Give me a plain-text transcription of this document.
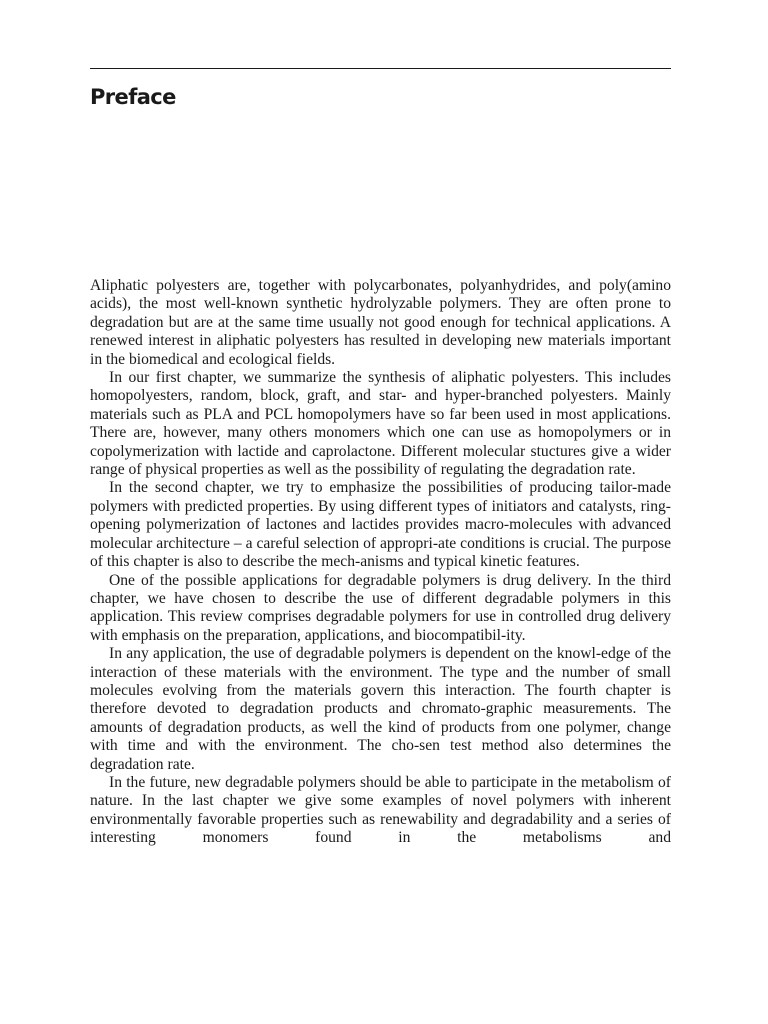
Preface

Aliphatic polyesters are, together with polycarbonates, polyanhydrides, and poly(amino acids), the most well-known synthetic hydrolyzable polymers. They are often prone to degradation but are at the same time usually not good enough for technical applications. A renewed interest in aliphatic polyesters has resulted in developing new materials important in the biomedical and ecological fields.

In our first chapter, we summarize the synthesis of aliphatic polyesters. This includes homopolyesters, random, block, graft, and star- and hyper-branched polyesters. Mainly materials such as PLA and PCL homopolymers have so far been used in most applications. There are, however, many others monomers which one can use as homopolymers or in copolymerization with lactide and caprolactone. Different molecular stuctures give a wider range of physical properties as well as the possibility of regulating the degradation rate.

In the second chapter, we try to emphasize the possibilities of producing tailor-made polymers with predicted properties. By using different types of initiators and catalysts, ring-opening polymerization of lactones and lactides provides macro-molecules with advanced molecular architecture – a careful selection of appropri-ate conditions is crucial. The purpose of this chapter is also to describe the mech-anisms and typical kinetic features.

One of the possible applications for degradable polymers is drug delivery. In the third chapter, we have chosen to describe the use of different degradable polymers in this application. This review comprises degradable polymers for use in controlled drug delivery with emphasis on the preparation, applications, and biocompatibil-ity.

In any application, the use of degradable polymers is dependent on the knowl-edge of the interaction of these materials with the environment. The type and the number of small molecules evolving from the materials govern this interaction. The fourth chapter is therefore devoted to degradation products and chromato-graphic measurements. The amounts of degradation products, as well the kind of products from one polymer, change with time and with the environment. The cho-sen test method also determines the degradation rate.

In the future, new degradable polymers should be able to participate in the metabolism of nature. In the last chapter we give some examples of novel polymers with inherent environmentally favorable properties such as renewability and degradability and a series of interesting monomers found in the metabolisms and
